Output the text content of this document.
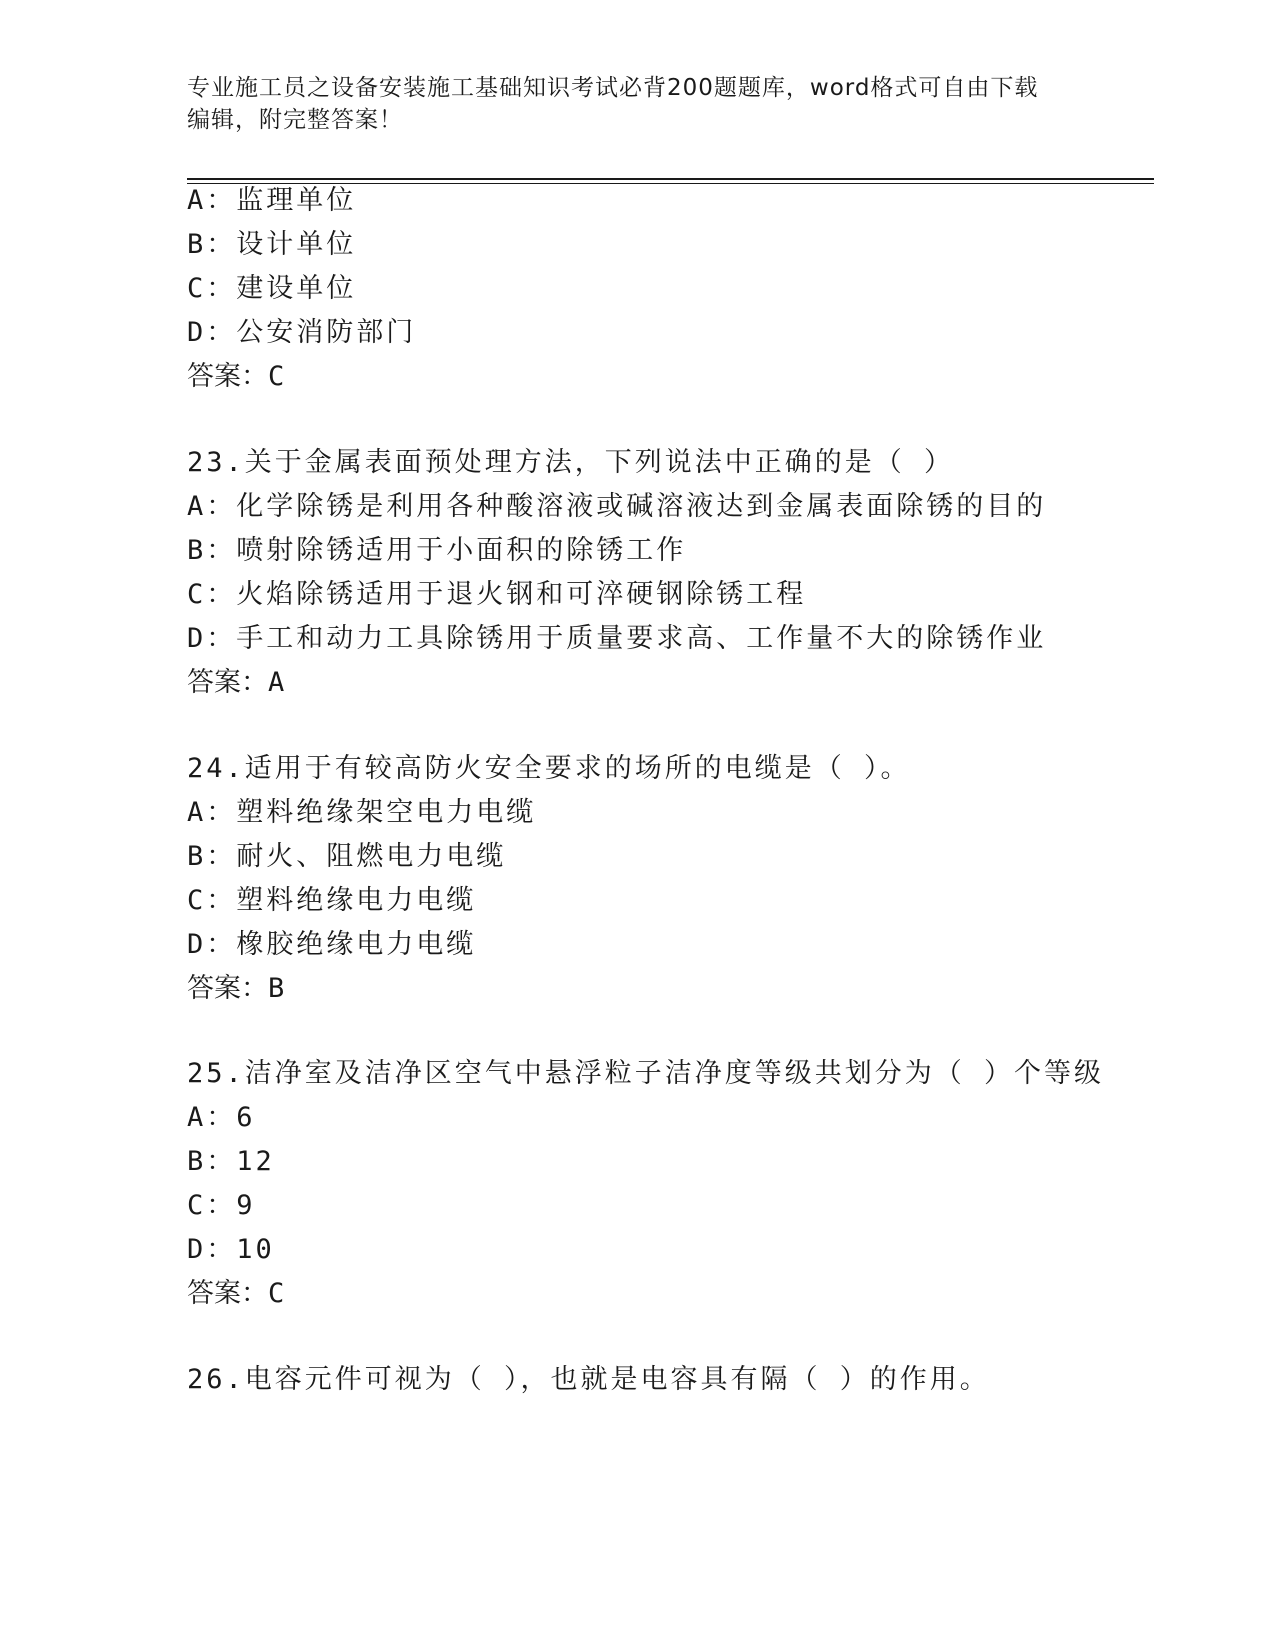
专业施工员之设备安装施工基础知识考试必背200题题库，word格式可自由下载
编辑，附完整答案！
A：监理单位
B：设计单位
C：建设单位
D：公安消防部门
答案：C
23.关于金属表面预处理方法，下列说法中正确的是（ ）
A：化学除锈是利用各种酸溶液或碱溶液达到金属表面除锈的目的
B：喷射除锈适用于小面积的除锈工作
C：火焰除锈适用于退火钢和可淬硬钢除锈工程
D：手工和动力工具除锈用于质量要求高、工作量不大的除锈作业
答案：A
24.适用于有较高防火安全要求的场所的电缆是（ ）。
A：塑料绝缘架空电力电缆
B：耐火、阻燃电力电缆
C：塑料绝缘电力电缆
D：橡胶绝缘电力电缆
答案：B
25.洁净室及洁净区空气中悬浮粒子洁净度等级共划分为（ ）个等级
A：6
B：12
C：9
D：10
答案：C
26.电容元件可视为（ ），也就是电容具有隔（ ）的作用。
